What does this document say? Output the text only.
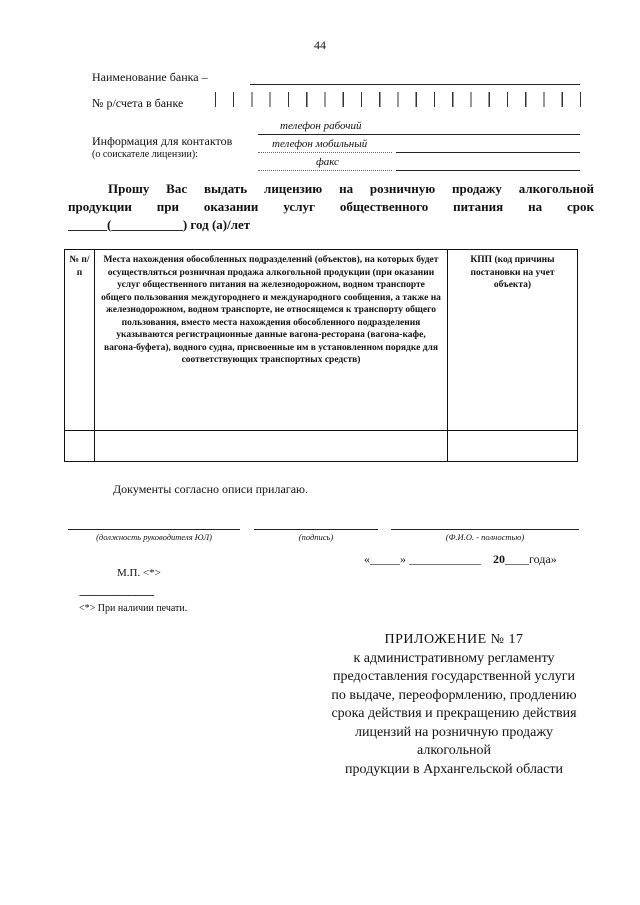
44
Наименование банка –
№ р/счета в банке
Информация для контактов
(о соискателе лицензии):
телефон рабочий
телефон мобильный
факс

Прошу Вас выдать лицензию на розничную продажу алкогольной

продукции при оказании услуг общественного питания на срок

______(___________) год (а)/лет

№ п/п	Места нахождения обособленных подразделений (объектов), на которых будет осуществляться розничная продажа алкогольной продукции (при оказании услуг общественного питания на железнодорожном, водном транспорте общего пользования междугороднего и международного сообщения, а также на железнодорожном, водном транспорте, не относящемся к транспорту общего пользования, вместо места нахождения обособленного подразделения указываются регистрационные данные вагона-ресторана (вагона-кафе, вагона-буфета), водного судна, присвоенные им в установленном порядке для соответствующих транспортных средств)	КПП (код причины постановки на учет объекта)

Документы согласно описи прилагаю.
(должность руководителя ЮЛ)	(подпись)	(Ф.И.О. - полностью)
«_____» ____________ 20____года»
М.П. <*>
--------------------------------
<*> При наличии печати.
ПРИЛОЖЕНИЕ № 17
к административному регламенту
предоставления государственной услуги
по выдаче, переоформлению, продлению
срока действия и прекращению действия
лицензий на розничную продажу
алкогольной
продукции в Архангельской области
